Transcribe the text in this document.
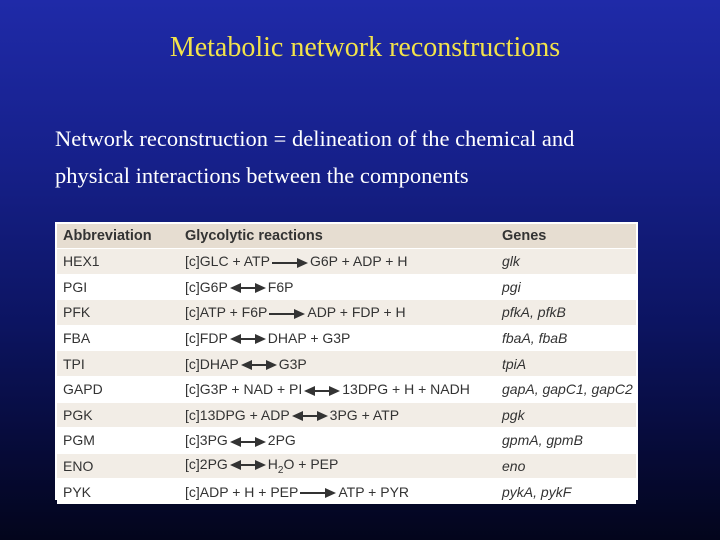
Metabolic network reconstructions
Network reconstruction = delineation of the chemical and
physical interactions between the components
Abbreviation	Glycolytic reactions	Genes
HEX1	[c]GLC + ATP G6P + ADP + H	glk
PGI	[c]G6P F6P	pgi
PFK	[c]ATP + F6P ADP + FDP + H	pfkA, pfkB
FBA	[c]FDP DHAP + G3P	fbaA, fbaB
TPI	[c]DHAP G3P	tpiA
GAPD	[c]G3P + NAD + PI 13DPG + H + NADH	gapA, gapC1, gapC2
PGK	[c]13DPG + ADP 3PG + ATP	pgk
PGM	[c]3PG 2PG	gpmA, gpmB
ENO	[c]2PG $H_2O$ + PEP	eno
PYK	[c]ADP + H + PEP ATP + PYR	pykA, pykF
